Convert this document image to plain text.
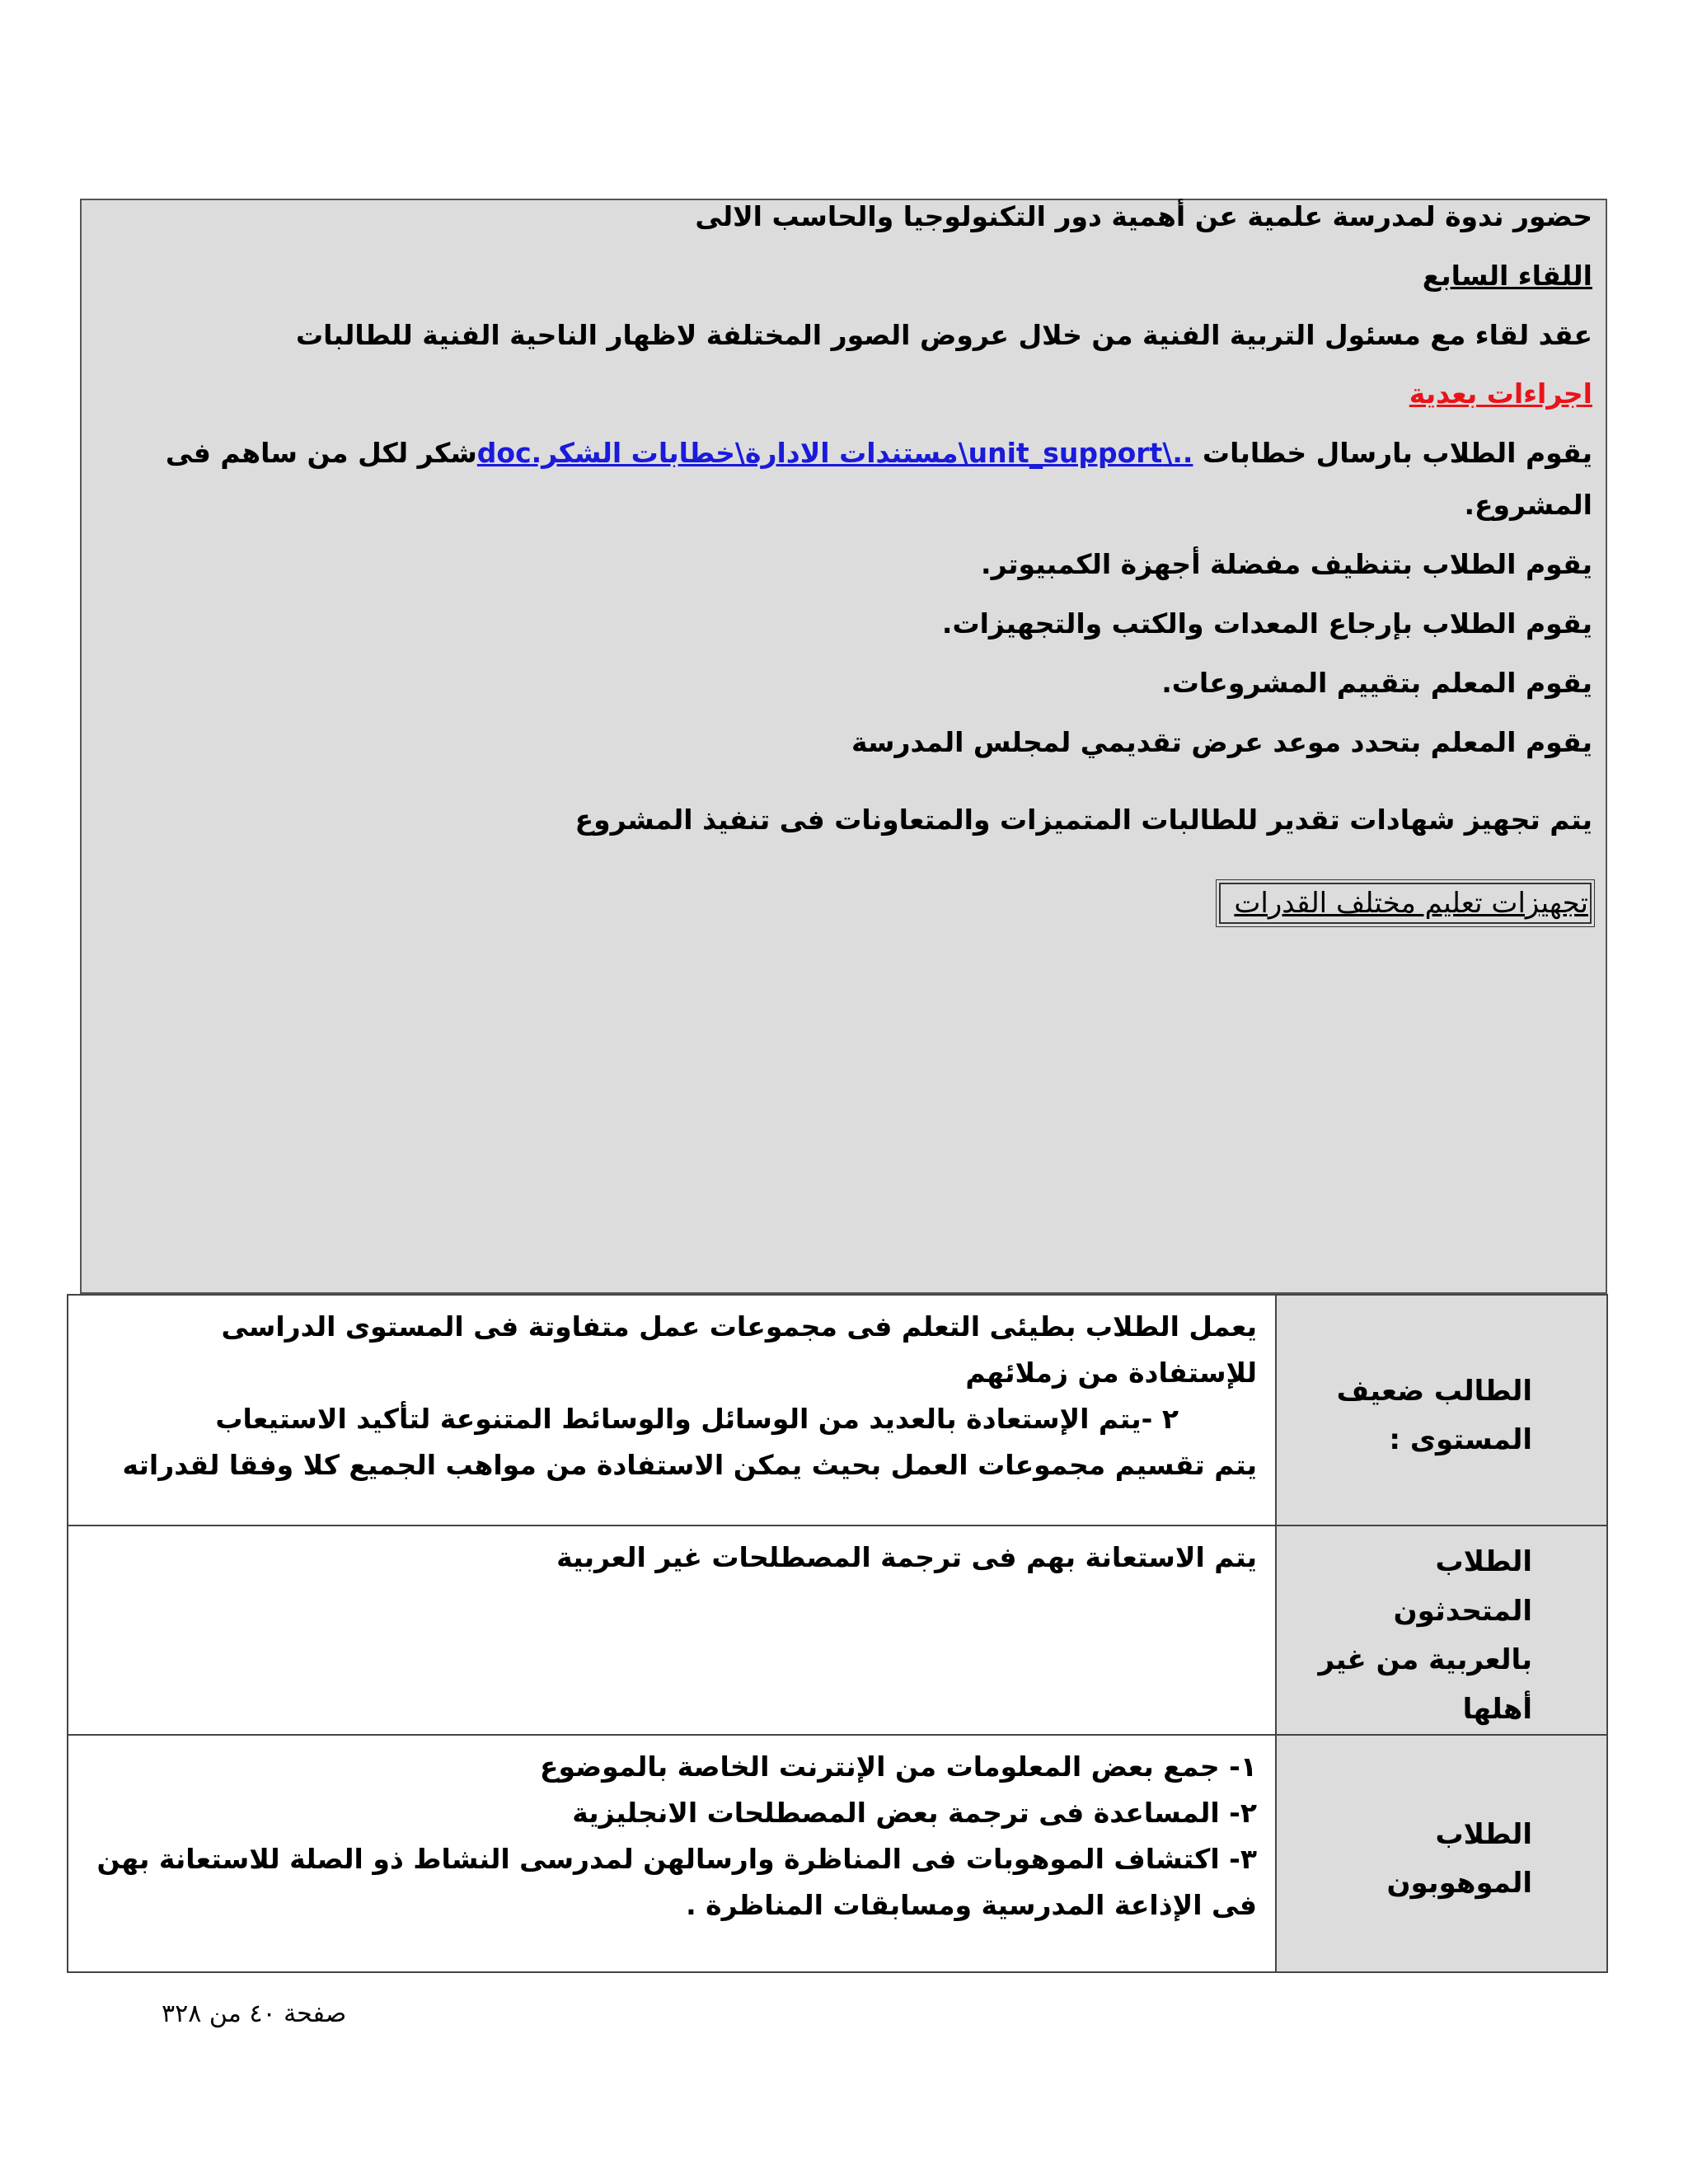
حضور ندوة لمدرسة علمية عن أهمية دور التكنولوجيا والحاسب الالى
اللقاء السابع
عقد لقاء مع مسئول التربية الفنية من خلال عروض الصور المختلفة لاظهار الناحية الفنية للطالبات
اجراءات بعدية
يقوم الطلاب بارسال خطابات ..\unit_support\مستندات الادارة\خطابات الشكر.docشكر لكل من ساهم فى
المشروع.
يقوم الطلاب بتنظيف مفضلة أجهزة الكمبيوتر.
يقوم الطلاب بإرجاع المعدات والكتب والتجهيزات.
يقوم المعلم بتقييم المشروعات.
يقوم المعلم بتحدد موعد عرض تقديمي لمجلس المدرسة
يتم تجهيز شهادات تقدير للطالبات المتميزات والمتعاونات فى تنفيذ المشروع
تجهيزات تعليم مختلف القدرات
الطالب ضعيف المستوى :	يعمل الطلاب بطيئى التعلم فى مجموعات عمل متفاوتة فى المستوى الدراسى للإستفادة من زملائهم

٢ -يتم الإستعادة بالعديد من الوسائل والوسائط المتنوعة لتأكيد الاستيعاب

يتم تقسيم مجموعات العمل بحيث يمكن الاستفادة من مواهب الجميع كلا وفقا لقدراته

الطلاب المتحدثون بالعربية من غير أهلها	يتم الاستعانة بهم فى ترجمة المصطلحات غير العربية

الطلاب الموهوبون	١- جمع بعض المعلومات من الإنترنت الخاصة بالموضوع

٢- المساعدة فى ترجمة بعض المصطلحات الانجليزية

٣- اكتشاف الموهوبات فى المناظرة وارسالهن لمدرسى النشاط ذو الصلة للاستعانة بهن فى الإذاعة المدرسية ومسابقات المناظرة .

صفحة ٤٠ من ٣٢٨
